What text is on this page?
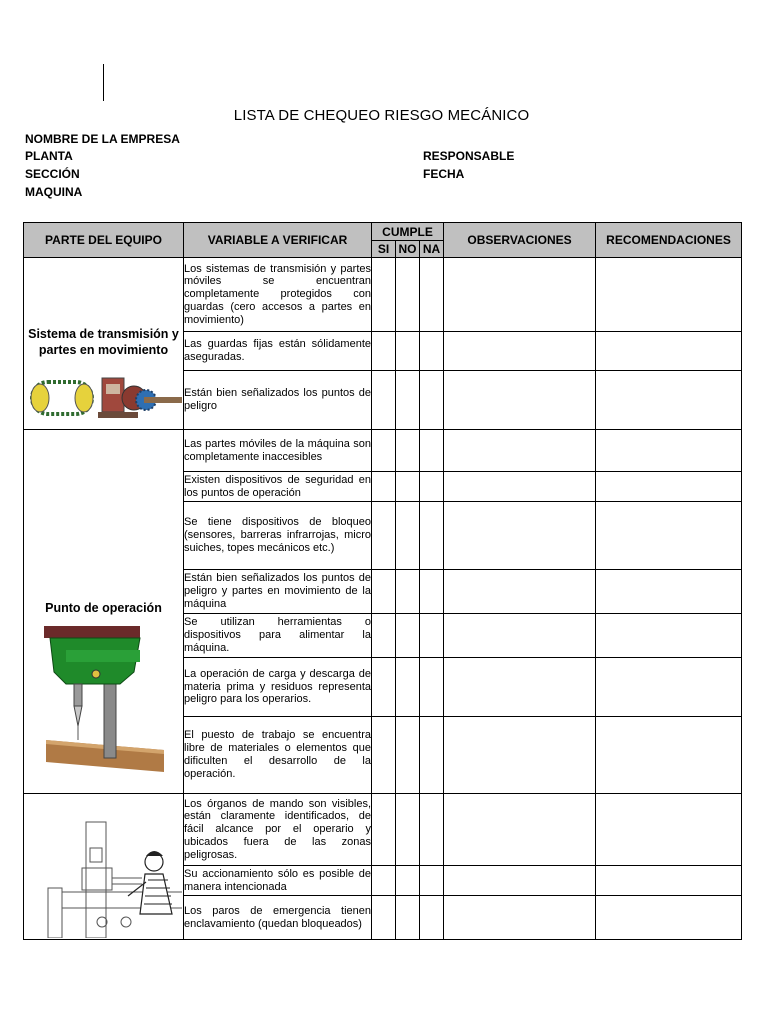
LISTA DE CHEQUEO RIESGO MECÁNICO
NOMBRE DE LA EMPRESA
PLANTA
SECCIÓN
MAQUINA
RESPONSABLE
FECHA
PARTE DEL EQUIPO	VARIABLE A VERIFICAR	CUMPLE			OBSERVACIONES	RECOMENDACIONES
		SI	NO	NA		

Sistema de transmisión y partes en movimiento	Los sistemas de transmisión y partes móviles se encuentran completamente protegidos con guardas (cero accesos a partes en movimiento)					
	Las guardas fijas están sólidamente aseguradas.					
	Están bien señalizados los puntos de peligro					

Punto de operación	Las partes móviles de la máquina son completamente inaccesibles					
	Existen dispositivos de seguridad en los puntos de operación					
	Se tiene dispositivos de bloqueo (sensores, barreras infrarrojas, micro suiches, topes mecánicos etc.)					
	Están bien señalizados los puntos de peligro y partes en movimiento de la máquina					
	Se utilizan herramientas o dispositivos para alimentar la máquina.					
	La operación de carga y descarga de materia prima y residuos representa peligro para los operarios.					
	El puesto de trabajo se encuentra libre de materiales o elementos que dificulten el desarrollo de la operación.					

	Los órganos de mando son visibles, están claramente identificados, de fácil alcance por el operario y ubicados fuera de las zonas peligrosas.					
	Su accionamiento sólo es posible de manera intencionada					
	Los paros de emergencia tienen enclavamiento (quedan bloqueados)					
